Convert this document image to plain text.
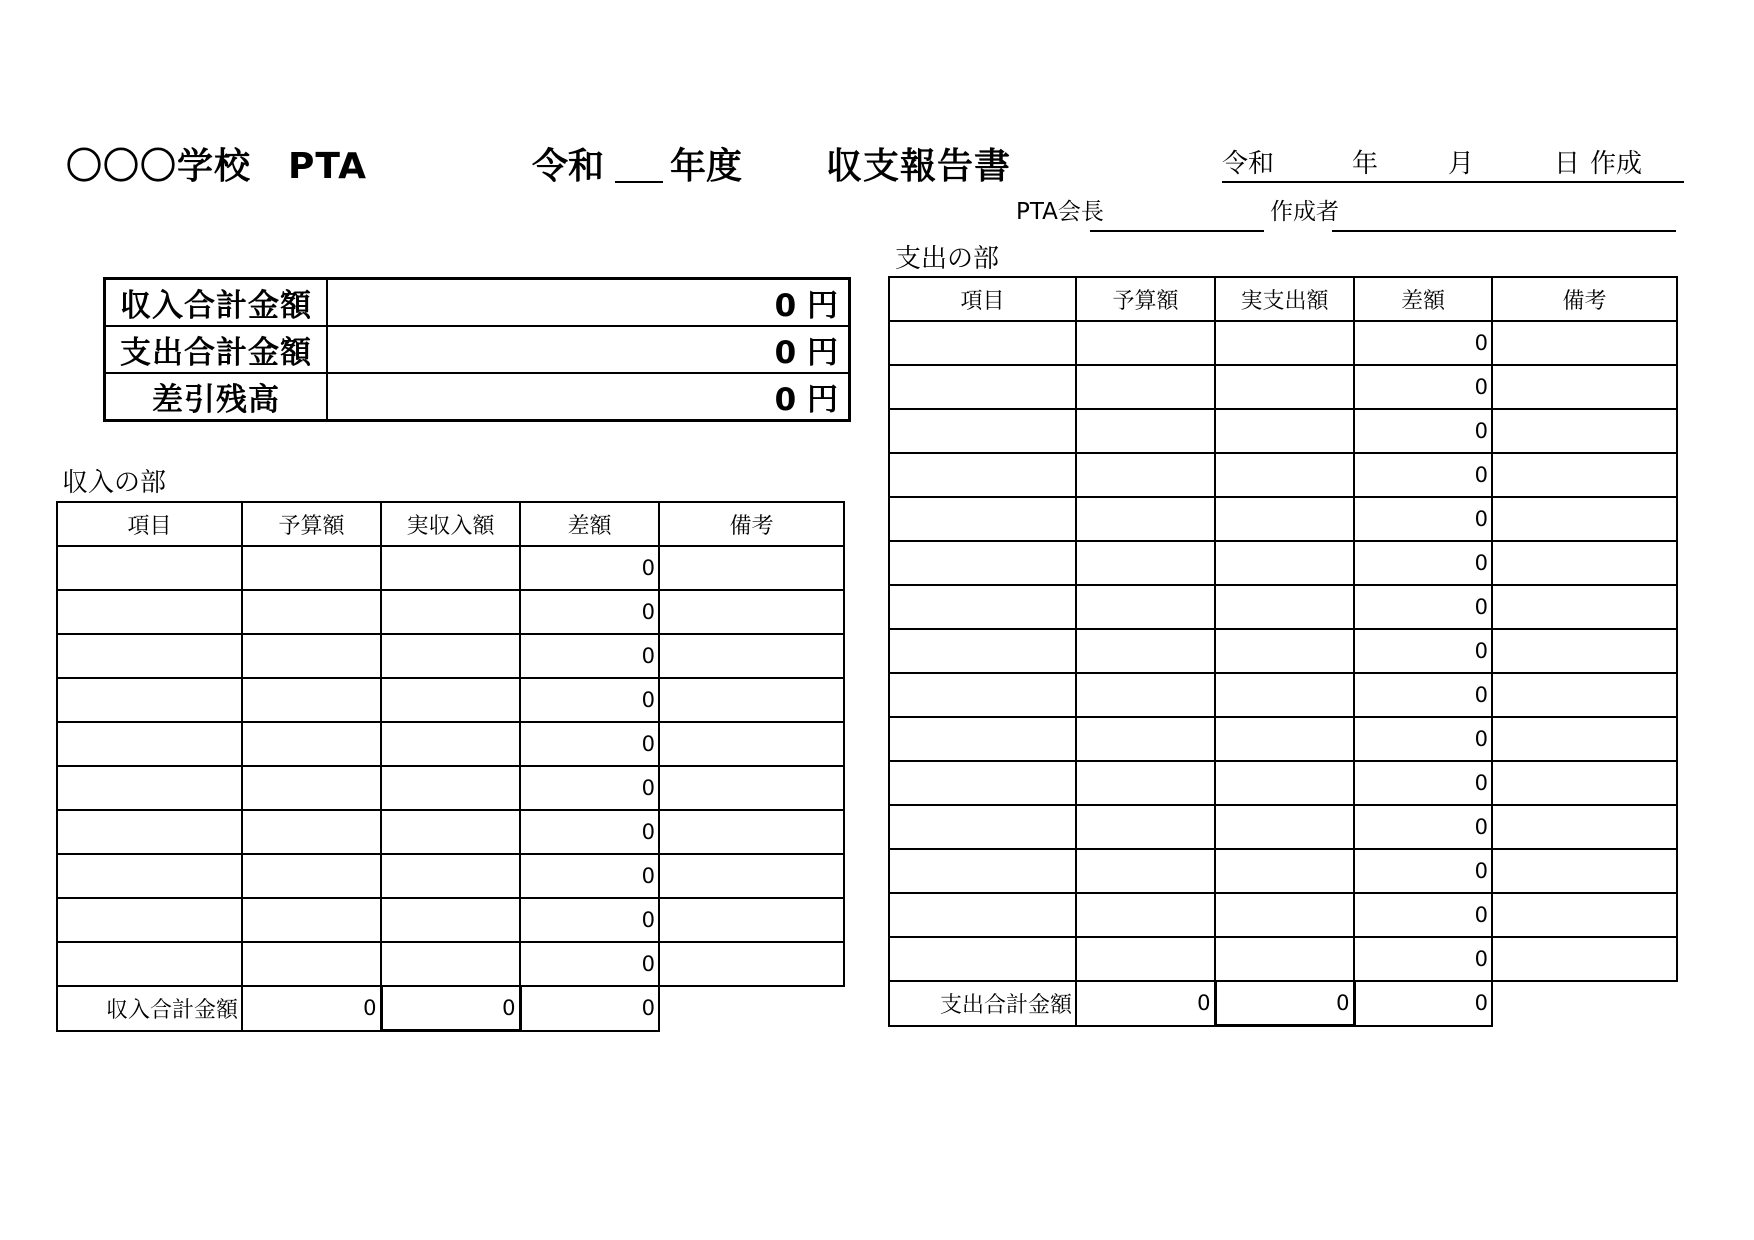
〇〇〇学校　PTA	令和 年度 収支報告書	令和	年	月	日 作成
PTA会長	作成者
収入合計金額	0 円
支出合計金額	0 円
差引残高	0 円
収入の部
項目	予算額	実収入額	差額	備考
			0	
			0	
			0	
			0	
			0	
			0	
			0	
			0	
			0	
			0	
収入合計金額	0	0	0	
支出の部
項目	予算額	実支出額	差額	備考
			0	
			0	
			0	
			0	
			0	
			0	
			0	
			0	
			0	
			0	
			0	
			0	
			0	
			0	
			0	
支出合計金額	0	0	0	
